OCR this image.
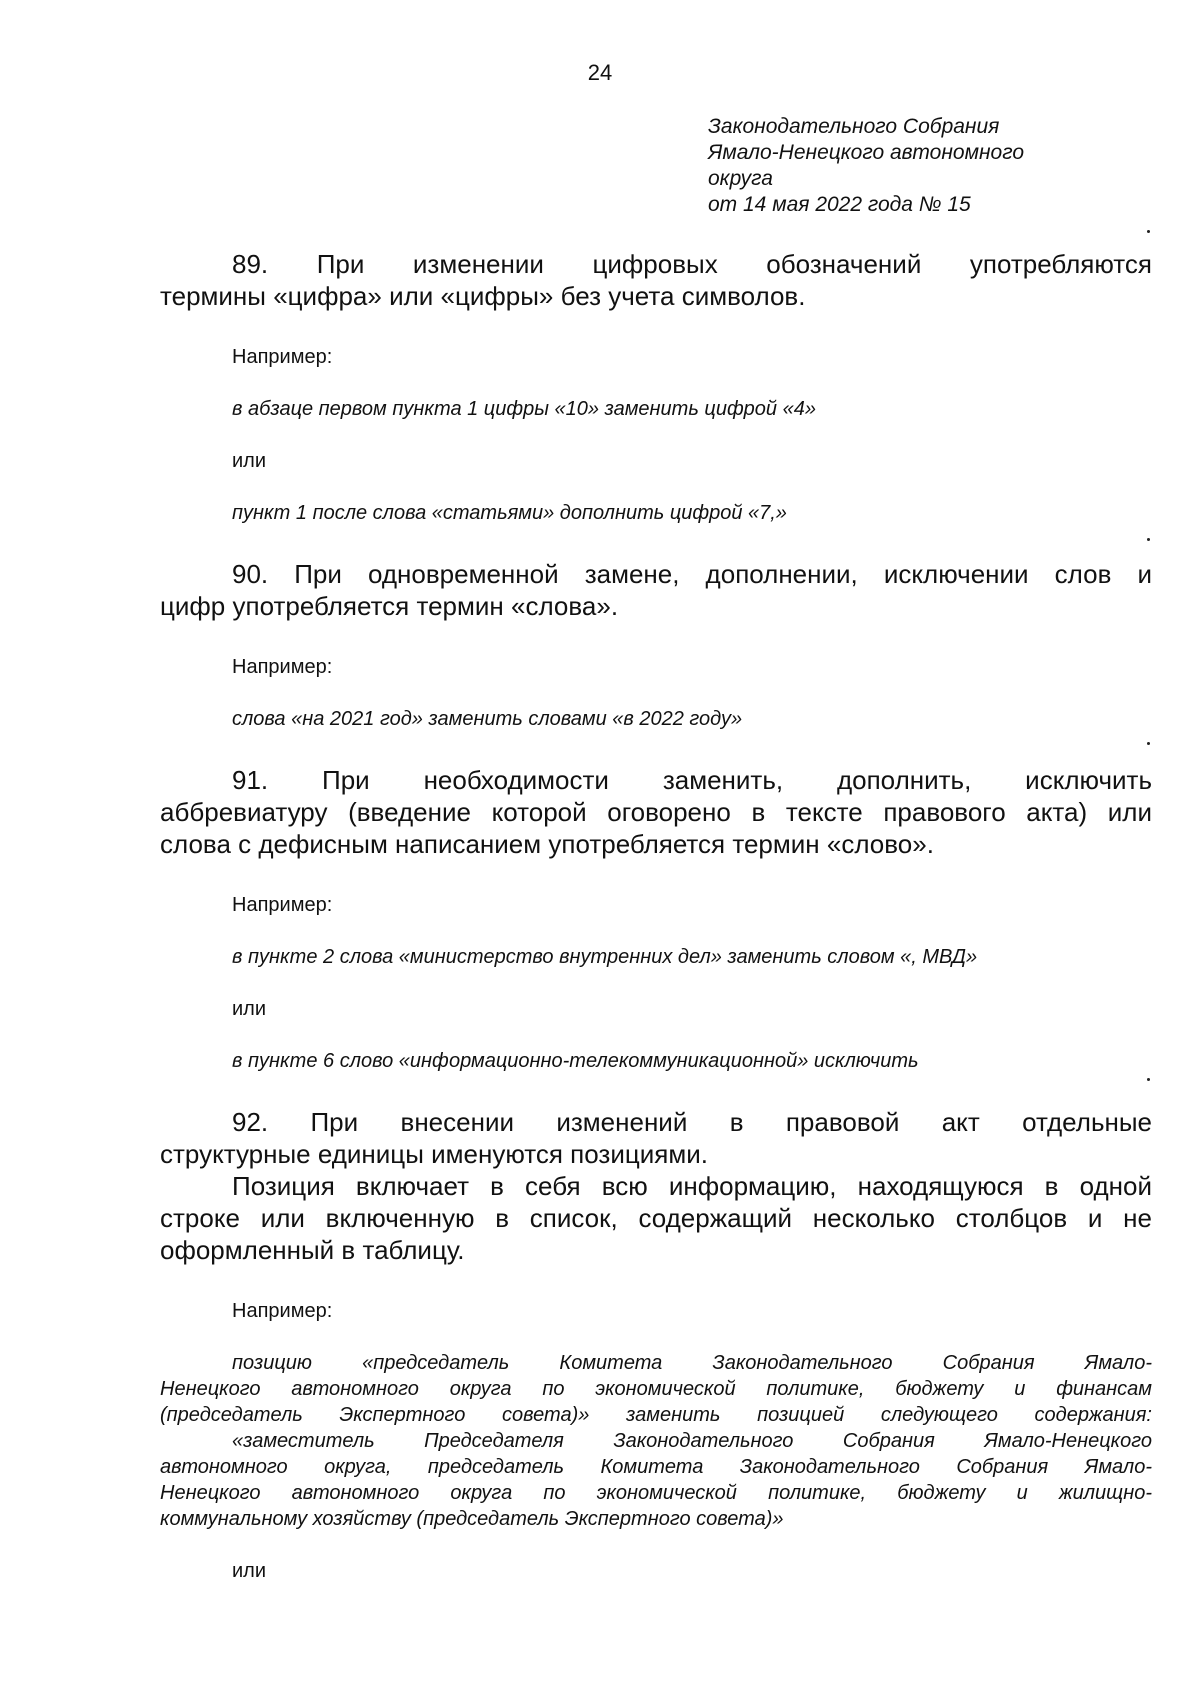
24
Законодательного Собрания
Ямало-Ненецкого автономного
округа
от 14 мая 2022 года № 15

89. При изменении цифровых обозначений употребляются

термины «цифра» или «цифры» без учета символов.

Например:

в абзаце первом пункта 1 цифры «10» заменить цифрой «4»

или

пункт 1 после слова «статьями» дополнить цифрой «7,»

90. При одновременной замене, дополнении, исключении слов и

цифр употребляется термин «слова».

Например:

слова «на 2021 год» заменить словами «в 2022 году»

91. При необходимости заменить, дополнить, исключить

аббревиатуру (введение которой оговорено в тексте правового акта) или

слова с дефисным написанием употребляется термин «слово».

Например:

в пункте 2 слова «министерство внутренних дел» заменить словом «, МВД»

или

в пункте 6 слово «информационно-телекоммуникационной» исключить

92. При внесении изменений в правовой акт отдельные

структурные единицы именуются позициями.

Позиция включает в себя всю информацию, находящуюся в одной

строке или включенную в список, содержащий несколько столбцов и не

оформленный в таблицу.

Например:

позицию «председатель Комитета Законодательного Собрания Ямало-
Ненецкого автономного округа по экономической политике, бюджету и финансам
(председатель Экспертного совета)» заменить позицией следующего содержания:
«заместитель Председателя Законодательного Собрания Ямало-Ненецкого
автономного округа, председатель Комитета Законодательного Собрания Ямало-
Ненецкого автономного округа по экономической политике, бюджету и жилищно-
коммунальному хозяйству (председатель Экспертного совета)»

или
